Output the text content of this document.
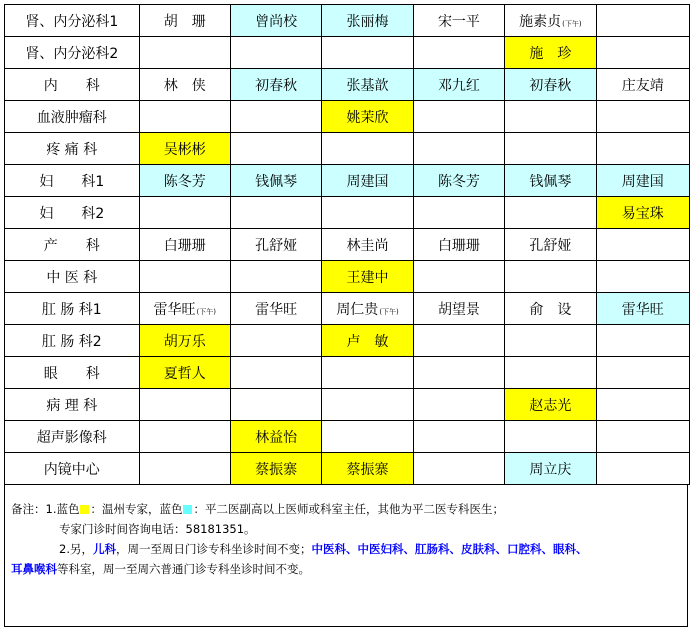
肾、内分泌科1	胡　珊	曾尚校	张丽梅	宋一平	施素贞(下午)	
肾、内分泌科2					施　珍	
内　　科	林　侠	初春秋	张基歆	邓九红	初春秋	庄友靖
血液肿瘤科			姚茉欣			
疼 痛 科	吴彬彬					
妇　　科1	陈冬芳	钱佩琴	周建国	陈冬芳	钱佩琴	周建国
妇　　科2						易宝珠
产　　科	白珊珊	孔舒娅	林圭尚	白珊珊	孔舒娅	
中 医 科			王建中			
肛 肠 科1	雷华旺(下午)	雷华旺	周仁贵(下午)	胡望景	俞　设	雷华旺
肛 肠 科2	胡万乐		卢　敏			
眼　　科	夏哲人					
病 理 科					赵志光	
超声影像科		林益怡				
内镜中心		蔡振寨	蔡振寨		周立庆	
备注：1.蓝色 ：温州专家，蓝色 ：平二医副高以上医师或科室主任，其他为平二医专科医生；
专家门诊时间咨询电话：58181351。
2.另，儿科，周一至周日门诊专科坐诊时间不变；中医科、中医妇科、肛肠科、皮肤科、口腔科、眼科、
耳鼻喉科等科室，周一至周六普通门诊专科坐诊时间不变。
